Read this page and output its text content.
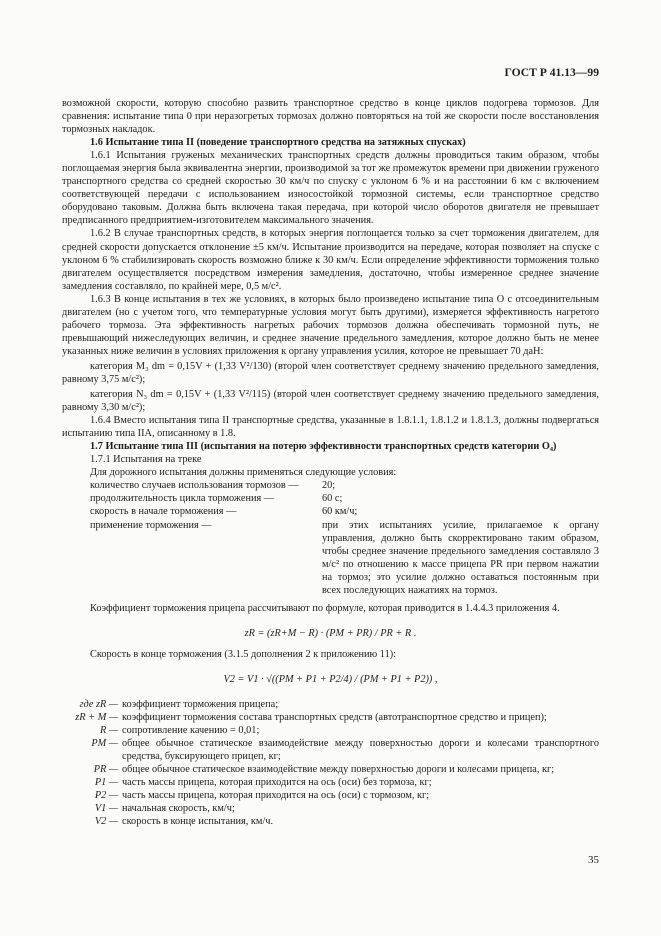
ГОСТ Р 41.13—99

возможной скорости, которую способно развить транспортное средство в конце циклов подогрева тормозов. Для сравнения: испытание типа 0 при неразогретых тормозах должно повторяться на той же скорости после восстановления тормозных накладок.

1.6 Испытание типа II (поведение транспортного средства на затяжных спусках)

1.6.1 Испытания груженых механических транспортных средств должны проводиться таким образом, чтобы поглощаемая энергия была эквивалентна энергии, производимой за тот же промежуток времени при движении груженого транспортного средства со средней скоростью 30 км/ч по спуску с уклоном 6 % и на расстоянии 6 км с включением соответствующей передачи с использованием износостойкой тормозной системы, если транспортное средство оборудовано таковым. Должна быть включена такая передача, при которой число оборотов двигателя не превышает предписанного предприятием-изготовителем максимального значения.

1.6.2 В случае транспортных средств, в которых энергия поглощается только за счет торможения двигателем, для средней скорости допускается отклонение ±5 км/ч. Испытание производится на передаче, которая позволяет на спуске с уклоном 6 % стабилизировать скорость возможно ближе к 30 км/ч. Если определение эффективности торможения только двигателем осуществляется посредством измерения замедления, достаточно, чтобы измеренное среднее значение замедления составляло, по крайней мере, 0,5 м/с².

1.6.3 В конце испытания в тех же условиях, в которых было произведено испытание типа О с отсоединительным двигателем (но с учетом того, что температурные условия могут быть другими), измеряется эффективность нагретого рабочего тормоза. Эта эффективность нагретых рабочих тормозов должна обеспечивать тормозной путь, не превышающий нижеследующих величин, и среднее значение предельного замедления, которое должно быть не менее указанных ниже величин в условиях приложения к органу управления усилия, которое не превышает 70 даН:

категория M₃ dm = 0,15V + (1,33 V²/130) (второй член соответствует среднему значению предельного замедления, равному 3,75 м/с²);

категория N₃ dm = 0,15V + (1,33 V²/115) (второй член соответствует среднему значению предельного замедления, равному 3,30 м/с²);

1.6.4 Вместо испытания типа II транспортные средства, указанные в 1.8.1.1, 1.8.1.2 и 1.8.1.3, должны подвергаться испытанию типа IIA, описанному в 1.8.

1.7 Испытание типа III (испытания на потерю эффективности транспортных средств категории O₄)

1.7.1 Испытания на треке

Для дорожного испытания должны применяться следующие условия:

количество случаев использования тормозов —	20;
продолжительность цикла торможения —	60 с;
скорость в начале торможения —	60 км/ч;
применение торможения —	при этих испытаниях усилие, прилагаемое к органу управления, должно быть скорректировано таким образом, чтобы среднее значение предельного замедления составляло 3 м/с² по отношению к массе прицепа PR при первом нажатии на тормоз; это усилие должно оставаться постоянным при всех последующих нажатиях на тормоз.

Коэффициент торможения прицепа рассчитывают по формуле, которая приводится в 1.4.4.3 приложения 4.

zR = (zR+M − R) · (PM + PR) / PR + R .

Скорость в конце торможения (3.1.5 дополнения 2 к приложению 11):

V2 = V1 · √((PM + P1 + P2/4) / (PM + P1 + P2)) ,
где zR — коэффициент торможения прицепа;
zR + M — коэффициент торможения состава транспортных средств (автотранспортное средство и прицеп);
R — сопротивление качению = 0,01;
PM — общее обычное статическое взаимодействие между поверхностью дороги и колесами транспортного средства, буксирующего прицеп, кг;
PR — общее обычное статическое взаимодействие между поверхностью дороги и колесами прицепа, кг;
P1 — часть массы прицепа, которая приходится на ось (оси) без тормоза, кг;
P2 — часть массы прицепа, которая приходится на ось (оси) с тормозом, кг;
V1 — начальная скорость, км/ч;
V2 — скорость в конце испытания, км/ч.
35
